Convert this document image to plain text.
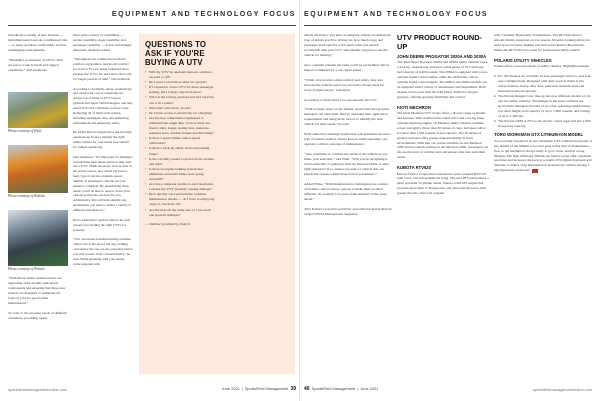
EQUIPMENT AND TECHNOLOGY FOCUS

introduced a raising of new features — including heated seat air-conditioned cabs — to keep operators comfortable even in challenging environments.

“Durability is essential, as UTVs often are put to work in harsh and rugged conditions,” said Anderson.

Photo courtesy of Kioti
Photo courtesy of Kubota
Photo courtesy of Polaris

“With this in mind, manufacturers are upgrading older models with newer components and ensuring that these new models are designed to withstand all types of jobs for sports field maintenance.”

To cater to the growing needs of different customers, providing equip-

ment with a variety of capabilities — terrain capability, range capability, and passenger capability — is also increasingly important, Anderson added.

“Throughout our commercial portfolio, comfort, ergonomics, and in-cab comfort for work UTVs are being requested more because the UTVs are used more often and for longer periods of time,” said Seddarth.

According to Seddarth, safety, productivity, and rental total cost of ownership are always top of mind of UTV buyers, grounds and sports field managers, and they need UTVs that contribute to those ways. Reflecting all of them with options, including intelligent cabs, and enhancing infotainment and enhancing safety.

He added that it's important to ask the right questions up front to identify the right utility vehicle for your needs (see sidebar for sample questions).

Said Anderson, “It's important for managers to determine their needs and how they will use a UTV. Think about key factors such as the power source, how much payload or haul, type of terrain, requisite speed, number of passengers, and the job you intend to complete. By determining these needs, you'll be able to narrow down your options to find the one best for you. Additionally, this will help identify any attachments you need to tackle a variety of different jobs head on.”

Kioto added that a perfect ideal is the next resource for finding the right UTVs for grounds:

“You can research manufacturing websites online; but at the end of the day, nothing can replace the one-on-one, personal advice you will receive from a trusted dealer,” he said. While speaking with your dealer, come prepared with

QUESTIONS TO ASK IF YOU'RE BUYING A UTV
• Will my UTV be operated indoors, outdoors, on-road or off?
• Do I need to haul more than two people?
• If I expand to a new UTV for more passenger seating, am I losing cargo bed space?
• What is the towing, payload and bed capacity, can it fit a pallet?
• What fuel will I have on site?
• Do I have access to electricity, for charging?
• Are the key components engineered to withstand the tough duty cycle of daily use (heavy-duty, longer-lasting tires, puncture-resistant seats, durable frames and driveline)?
• Is there a speed limiter and/or speed calibration?
• Is there a back-up alarm, horn and parking brake?
• Is the cab fully sealed to protect from weather and dust?
• Is there an engine braking system that eliminates excessive brake wear going downhill?
• Are there computer alarms to alert mechanics I ensure my UTV possibly causing damage?
• How quickly can I perform the common maintenance checks — do I have to empty my cargo to check the oil?
• Are the tires all the same size so I can stock one spare in multiple?
— Slidebar provided by Polaris
sportsfieldmanagementonline.com	June 2021 | SportsField Management 39
EQUIPMENT AND TECHNOLOGY FOCUS

details about how you plan on using the vehicle, including the type of terrain you'll be driving on, how much cargo and passenger load capacity you'll need, what you need to accomplish with your UTV and whether you plan to use the vehicle for hunting.”

Also, consider whether the tasks you'll be performing will be helped or hindered by a cab, Ryan added.

“While cabs provide added comfort and safety, they also increase the vehicle's price tag and aren't always ideal for every in tight spaces,” said Ryan.

According to Wald, there's no one-size-fits-all UTV.

“With so many types on the market, sports field and grounds managers can tailor their fleet by assessing their application requirements and using those factors to identify the best vehicle for their needs,” he said.

Wald added that although application will determine the exact type of vehicle needed, always keep in mind operating cost, operator comfort, and ease of maintenance.

“Also remember to consider the width of the vehicle as you make your selection,” said Wald. “Will you be navigating it down sidewalks or pathways that run between fields or other tight obstacles? If so, ensure you select a vehicle that can physically operate within those narrow parameters.”

Added Hicks, “With manufacturers challenging one another on features and accessory options to make their products different, it's exciting to be part of this industry in the years ahead.”

John Kmetz is associate publisher and editorial brand director of SportsField Management magazine.

UTV PRODUCT ROUND-UP
JOHN DEERE PROGATOR 2020A AND 2030A

The John Deere ProGator 2020A and 2030A utility vehicles boast a 22.4-hp, respectively, and have a max speed of 19.1 mph and bed capacity of 2,400 pounds. The 2030A is equipped with a four-cylinder liquid-cooled engine, while the 2020A has a three-cylinder liquid-cooled engine. The 2020A and 2030A models can be equipped with a variety of attachments and implements. Both models can be used with the John Deere TurfGator sprayer sprayers, offering spraying flexibility and control.

KIOTI MECHRON

The Kioti Mechron UTV Series offers a diverse range of models and features. With standard four-wheel drive and a 22-hp, three-cylinder Daedong engine, all Mechron utility vehicles combine power and agility. More than 50 inches of cargo bed space allow for more than 1,000 pounds of bed capacity. The 50 inches of ground clearance offer greater maneuverability in most environments. With that cab option available for the Mechron 2200 and two-bench seating on the Mechron 2200, passengers can choose the level of comfort and convenience that best suits their needs.

KUBOTA RTV520

Kubota Tractor Corporation launched its power-packed RTV520 with a new cab and updated the tying. The new RTV520 features a more powerful 3-cylinder diesel, liquid-cooled EFI engine that provides more than 17 horsepower, and gives instant power with greater throttle control all coupled

with a Variable Hydrostatic Transmission. The RTV520 offers a smooth driving experience at low speeds. Dynamic braking allows for more space between, making sure that recent Kubota innovations, makes the RTV520's best value for professional utility vehicle.

POLARIS UTILITY VEHICLES

Polaris offers a broad portfolio of utility vehicles. Highlights include:

■ Pro XD models are available in four-passenger and two- and four-seat configurations. Designed with duty work in mind, it has safety features, heavy-duty tires, puncture-resistant seats and increased payload capacity.
■ The Polaris Ranger Crew line-up has new different models of all-electric utility vehicles. The Ranger is the most common the sports field managers because of its wide operating temperatures, low deck height, bed capacity of up to 1,000 pounds, and towing of up to 1,500 lbs.
■ The Polaris GEM at EVs is all-electric, street legal and has 1,000 lb payload capacity.
TORO WORKMAN GTX LITHIUM-ION MODEL

Toro recently introduced its new Workman GTX Lithium-Ion model. A key benefit of the lithium-ion power pack is that they're maintenance-free, so the machine is always ready to go to work, and has a long lifespan. The high-efficiency lithium-ion battery packs offer consistent run times and increases the pack as a results 25% lighter than lead-acid batteries. It makes a big impression on productivity without leaving a big impression on the turf.

40 SportsField Management | June 2021	sportsfieldmanagementonline.com
